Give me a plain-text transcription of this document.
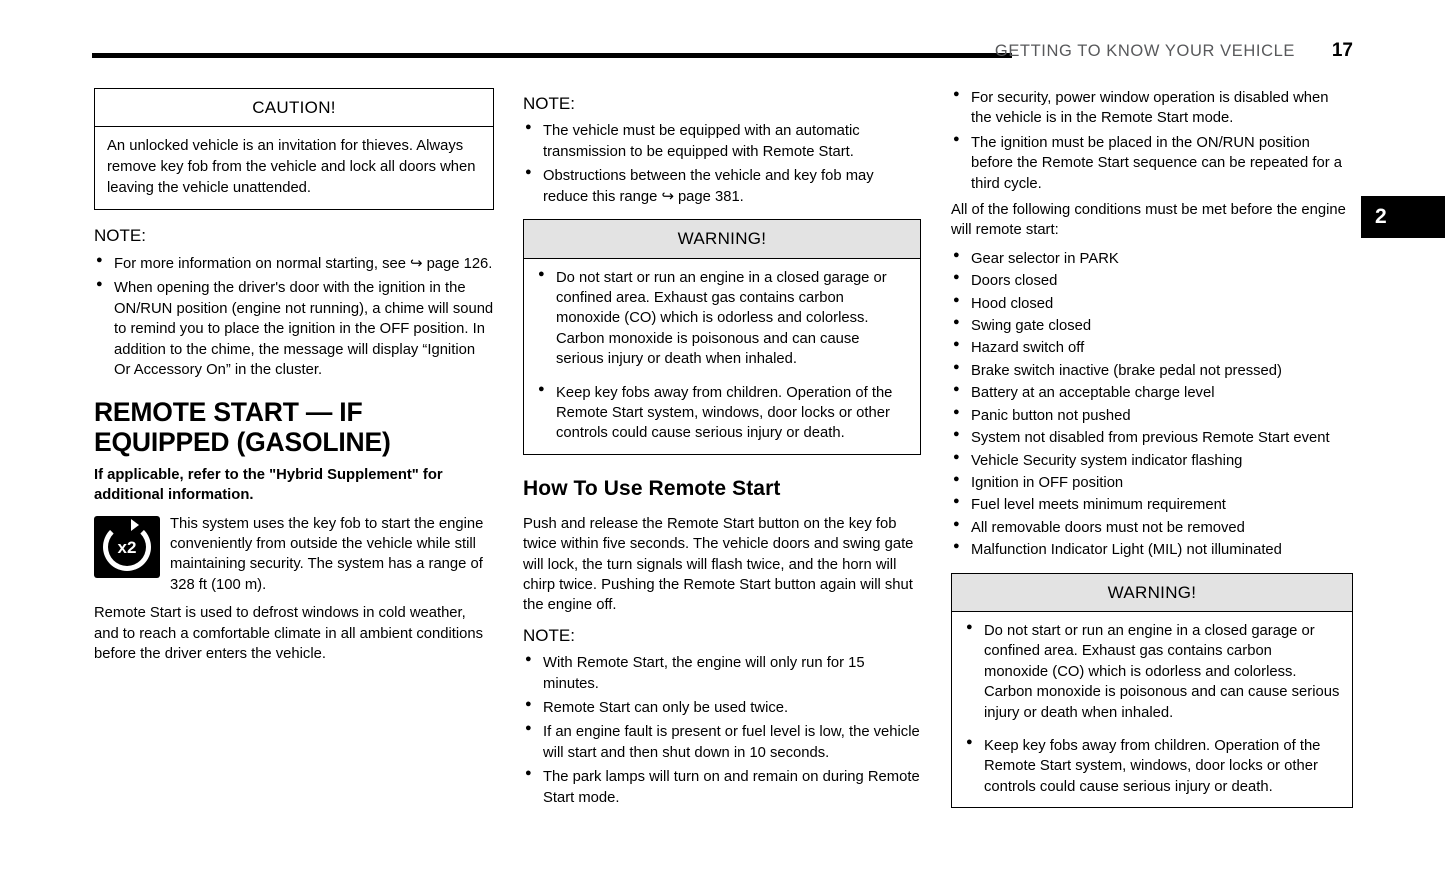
GETTING TO KNOW YOUR VEHICLE 17
2
CAUTION!

An unlocked vehicle is an invitation for thieves. Always remove key fob from the vehicle and lock all doors when leaving the vehicle unattended.

NOTE:
● For more information on normal starting, see ↪ page 126.
● When opening the driver's door with the ignition in the ON/RUN position (engine not running), a chime will sound to remind you to place the ignition in the OFF position. In addition to the chime, the message will display “Ignition Or Accessory On” in the cluster.
REMOTE START — IF EQUIPPED (GASOLINE)

If applicable, refer to the "Hybrid Supplement" for additional information.

x2
This system uses the key fob to start the engine conveniently from outside the vehicle while still maintaining security. The system has a range of 328 ft (100 m).

Remote Start is used to defrost windows in cold weather, and to reach a comfortable climate in all ambient conditions before the driver enters the vehicle.

NOTE:
● The vehicle must be equipped with an automatic transmission to be equipped with Remote Start.
● Obstructions between the vehicle and key fob may reduce this range ↪ page 381.
WARNING!
● Do not start or run an engine in a closed garage or confined area. Exhaust gas contains carbon monoxide (CO) which is odorless and colorless. Carbon monoxide is poisonous and can cause serious injury or death when inhaled.
● Keep key fobs away from children. Operation of the Remote Start system, windows, door locks or other controls could cause serious injury or death.
How To Use Remote Start

Push and release the Remote Start button on the key fob twice within five seconds. The vehicle doors and swing gate will lock, the turn signals will flash twice, and the horn will chirp twice. Pushing the Remote Start button again will shut the engine off.

NOTE:
● With Remote Start, the engine will only run for 15 minutes.
● Remote Start can only be used twice.
● If an engine fault is present or fuel level is low, the vehicle will start and then shut down in 10 seconds.
● The park lamps will turn on and remain on during Remote Start mode.
● For security, power window operation is disabled when the vehicle is in the Remote Start mode.
● The ignition must be placed in the ON/RUN position before the Remote Start sequence can be repeated for a third cycle.

All of the following conditions must be met before the engine will remote start:

● Gear selector in PARK
● Doors closed
● Hood closed
● Swing gate closed
● Hazard switch off
● Brake switch inactive (brake pedal not pressed)
● Battery at an acceptable charge level
● Panic button not pushed
● System not disabled from previous Remote Start event
● Vehicle Security system indicator flashing
● Ignition in OFF position
● Fuel level meets minimum requirement
● All removable doors must not be removed
● Malfunction Indicator Light (MIL) not illuminated
WARNING!
● Do not start or run an engine in a closed garage or confined area. Exhaust gas contains carbon monoxide (CO) which is odorless and colorless. Carbon monoxide is poisonous and can cause serious injury or death when inhaled.
● Keep key fobs away from children. Operation of the Remote Start system, windows, door locks or other controls could cause serious injury or death.
